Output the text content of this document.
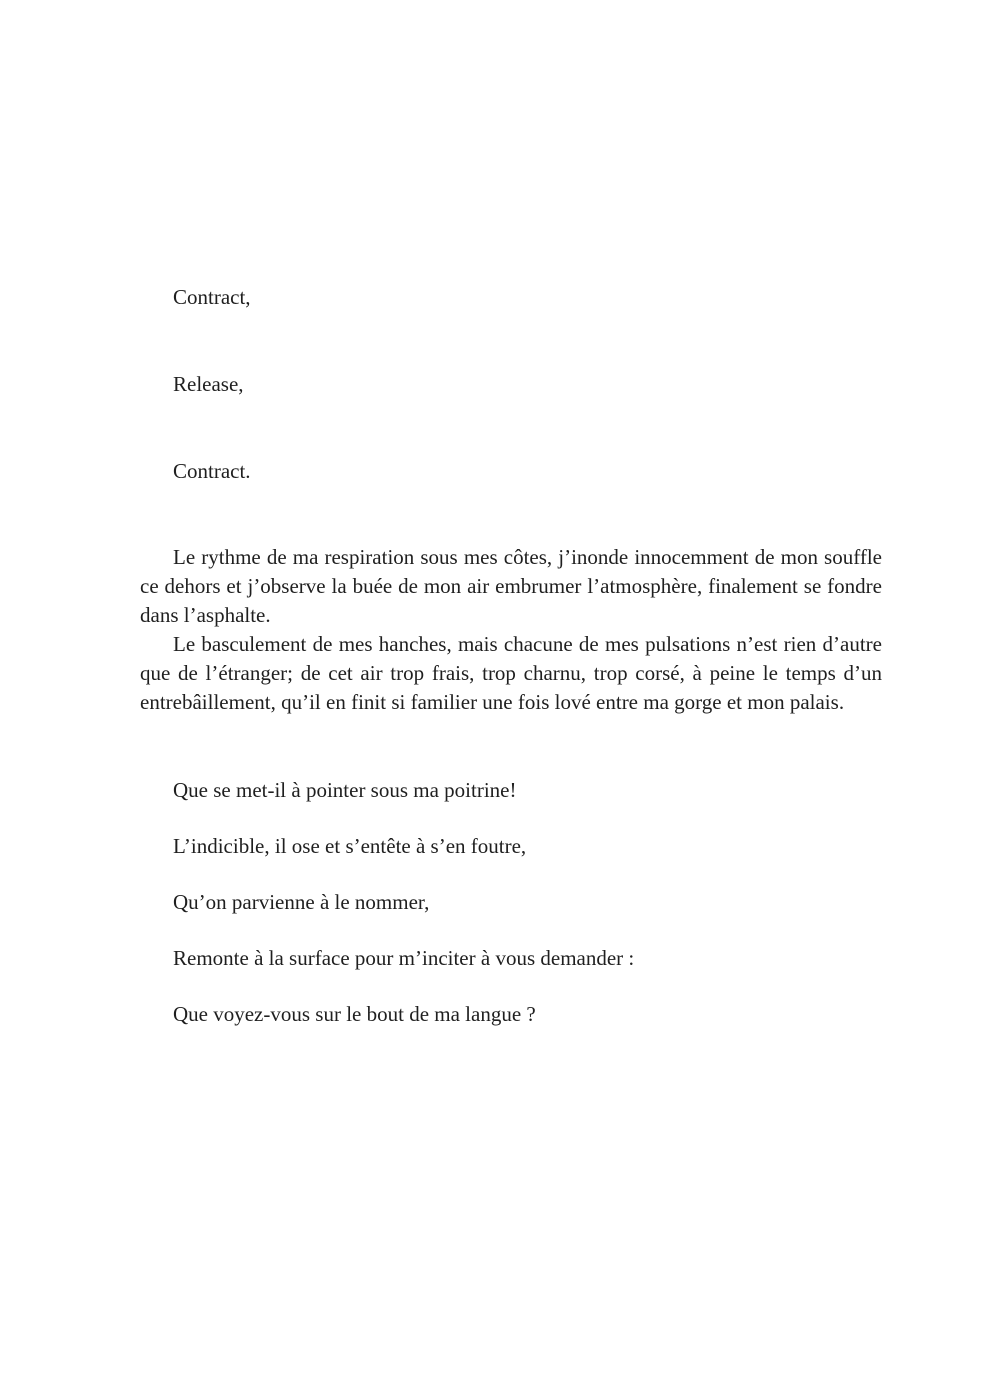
Contract,

Release,

Contract.

Le rythme de ma respiration sous mes côtes, j’inonde innocemment de mon souffle ce dehors et j’observe la buée de mon air embrumer l’atmosphère, finalement se fondre dans l’asphalte.

Le basculement de mes hanches, mais chacune de mes pulsations n’est rien d’autre que de l’étranger; de cet air trop frais, trop charnu, trop corsé, à peine le temps d’un entrebâillement, qu’il en finit si familier une fois lové entre ma gorge et mon palais.

Que se met-il à pointer sous ma poitrine!

L’indicible, il ose et s’entête à s’en foutre,

Qu’on parvienne à le nommer,

Remonte à la surface pour m’inciter à vous demander :

Que voyez-vous sur le bout de ma langue ?
